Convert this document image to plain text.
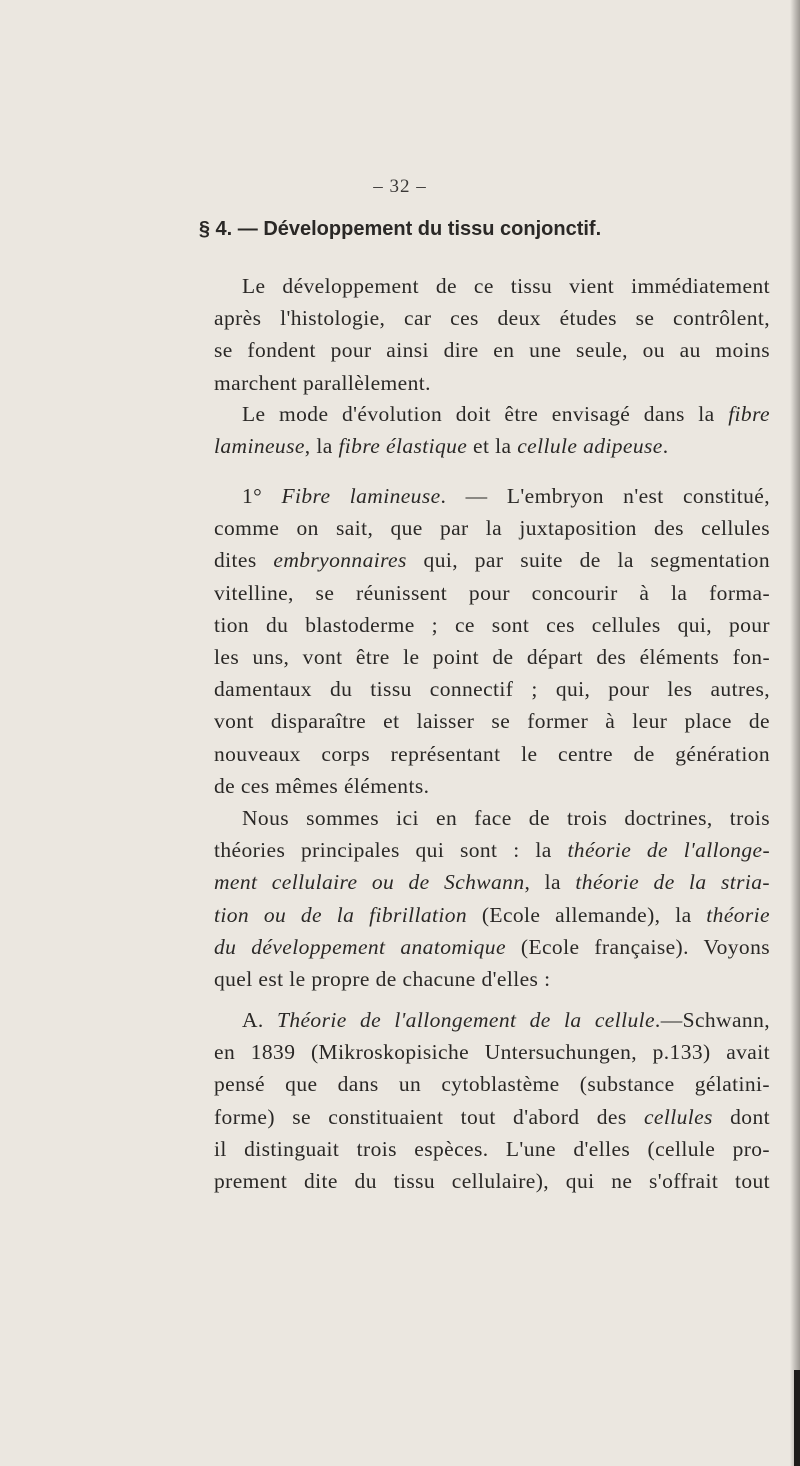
– 32 –
§ 4. — Développement du tissu conjonctif.
Le développement de ce tissu vient immédiatement
après l'histologie, car ces deux études se contrôlent,
se fondent pour ainsi dire en une seule, ou au moins
marchent parallèlement.
Le mode d'évolution doit être envisagé dans la fibre
lamineuse, la fibre élastique et la cellule adipeuse.
1° Fibre lamineuse. — L'embryon n'est constitué,
comme on sait, que par la juxtaposition des cellules
dites embryonnaires qui, par suite de la segmentation
vitelline, se réunissent pour concourir à la forma-
tion du blastoderme ; ce sont ces cellules qui, pour
les uns, vont être le point de départ des éléments fon-
damentaux du tissu connectif ; qui, pour les autres,
vont disparaître et laisser se former à leur place de
nouveaux corps représentant le centre de génération
de ces mêmes éléments.
Nous sommes ici en face de trois doctrines, trois
théories principales qui sont : la théorie de l'allonge-
ment cellulaire ou de Schwann, la théorie de la stria-
tion ou de la fibrillation (Ecole allemande), la théorie
du développement anatomique (Ecole française). Voyons
quel est le propre de chacune d'elles :
A. Théorie de l'allongement de la cellule.—Schwann,
en 1839 (Mikroskopisiche Untersuchungen, p.133) avait
pensé que dans un cytoblastème (substance gélatini-
forme) se constituaient tout d'abord des cellules dont
il distinguait trois espèces. L'une d'elles (cellule pro-
prement dite du tissu cellulaire), qui ne s'offrait tout
